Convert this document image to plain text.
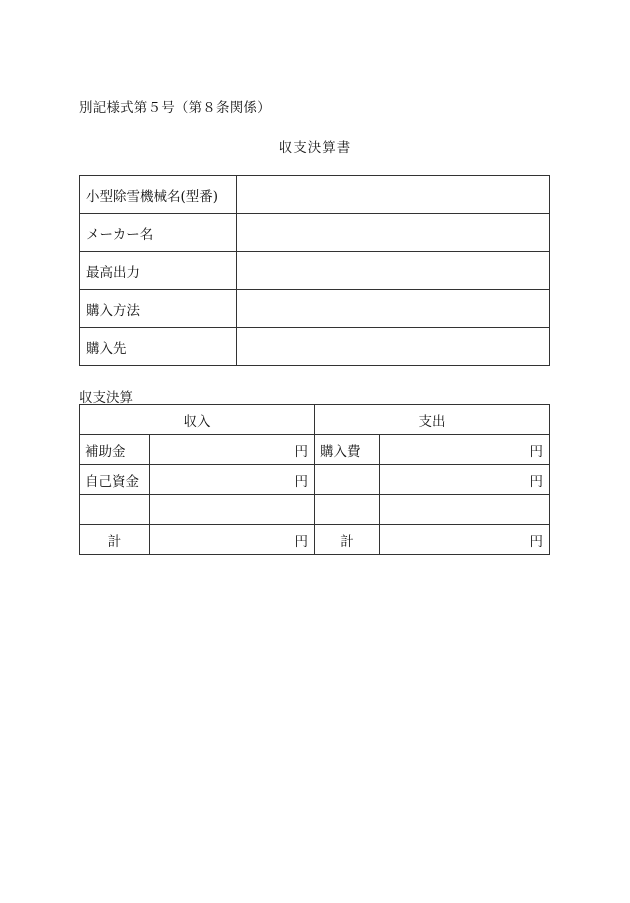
別記様式第５号（第８条関係）
収支決算書
小型除雪機械名(型番)	
メーカー名	
最高出力	
購入方法	
購入先	
収支決算
収入		支出	
補助金	円	購入費	円
自己資金	円		円

計	円	計	円
